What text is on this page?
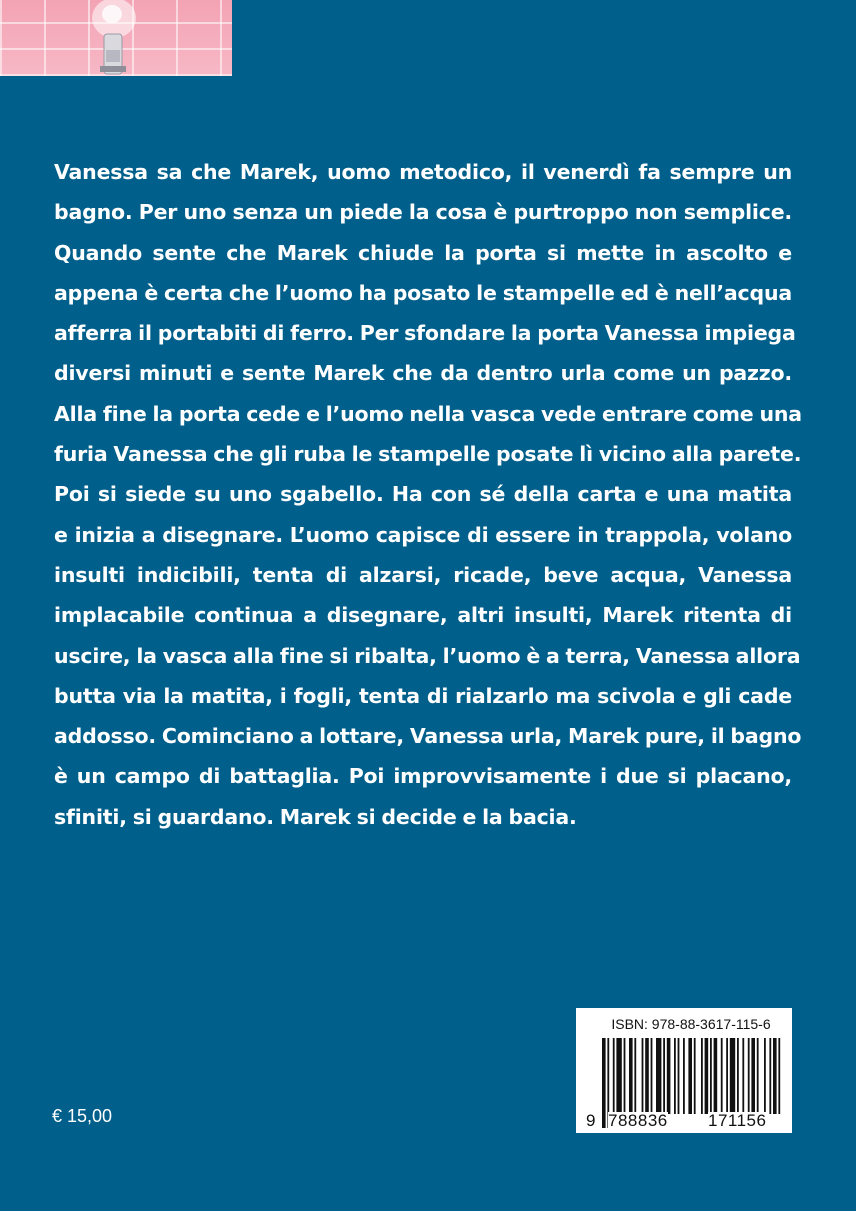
Vanessa sa che Marek, uomo metodico, il venerdì fa sempre un
bagno. Per uno senza un piede la cosa è purtroppo non semplice.
Quando sente che Marek chiude la porta si mette in ascolto e
appena è certa che l’uomo ha posato le stampelle ed è nell’acqua
afferra il portabiti di ferro. Per sfondare la porta Vanessa impiega
diversi minuti e sente Marek che da dentro urla come un pazzo.
Alla fine la porta cede e l’uomo nella vasca vede entrare come una
furia Vanessa che gli ruba le stampelle posate lì vicino alla parete.
Poi si siede su uno sgabello. Ha con sé della carta e una matita
e inizia a disegnare. L’uomo capisce di essere in trappola, volano
insulti indicibili, tenta di alzarsi, ricade, beve acqua, Vanessa
implacabile continua a disegnare, altri insulti, Marek ritenta di
uscire, la vasca alla fine si ribalta, l’uomo è a terra, Vanessa allora
butta via la matita, i fogli, tenta di rialzarlo ma scivola e gli cade
addosso. Cominciano a lottare, Vanessa urla, Marek pure, il bagno
è un campo di battaglia. Poi improvvisamente i due si placano,
sfiniti, si guardano. Marek si decide e la bacia.
€ 15,00
ISBN: 978-88-3617-115-6
9 788836 171156
